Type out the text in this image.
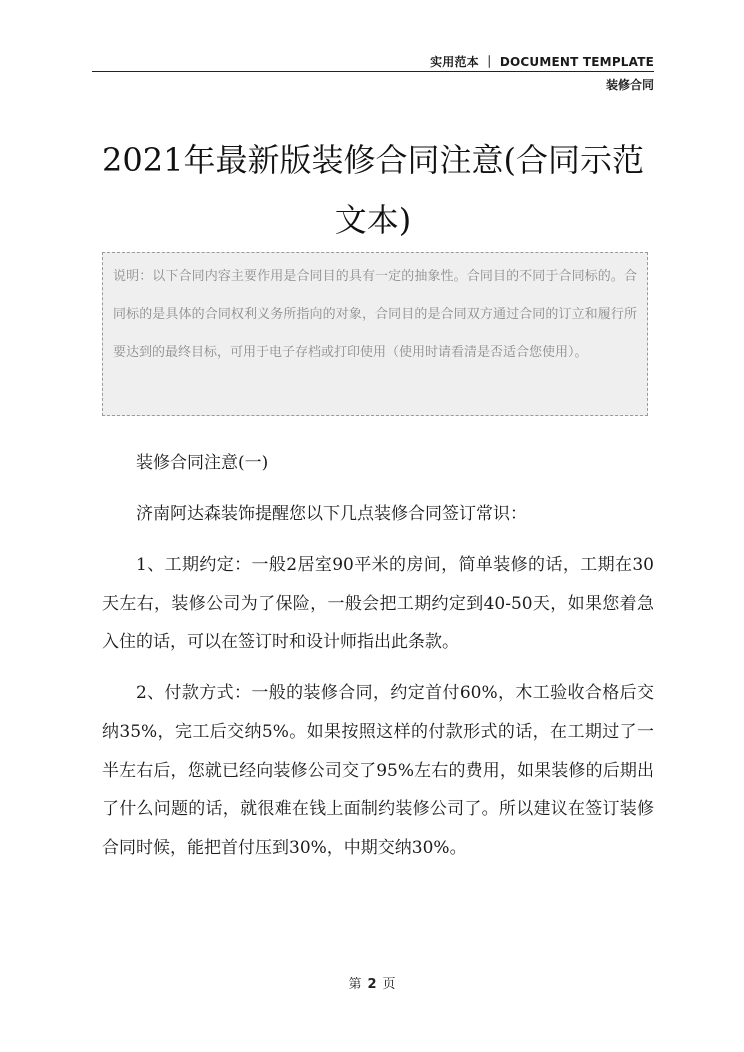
实用范本 ｜ DOCUMENT TEMPLATE
装修合同
2021年最新版装修合同注意(合同示范文本)
说明：以下合同内容主要作用是合同目的具有一定的抽象性。合同目的不同于合同标的。合同标的是具体的合同权利义务所指向的对象，合同目的是合同双方通过合同的订立和履行所要达到的最终目标，可用于电子存档或打印使用（使用时请看清是否适合您使用）。

装修合同注意(一)

济南阿达森装饰提醒您以下几点装修合同签订常识：

1、工期约定：一般2居室90平米的房间，简单装修的话，工期在30天左右，装修公司为了保险，一般会把工期约定到40-50天，如果您着急入住的话，可以在签订时和设计师指出此条款。

2、付款方式：一般的装修合同，约定首付60%，木工验收合格后交纳35%，完工后交纳5%。如果按照这样的付款形式的话，在工期过了一半左右后，您就已经向装修公司交了95%左右的费用，如果装修的后期出了什么问题的话，就很难在钱上面制约装修公司了。所以建议在签订装修合同时候，能把首付压到30%，中期交纳30%。

第 2 页
